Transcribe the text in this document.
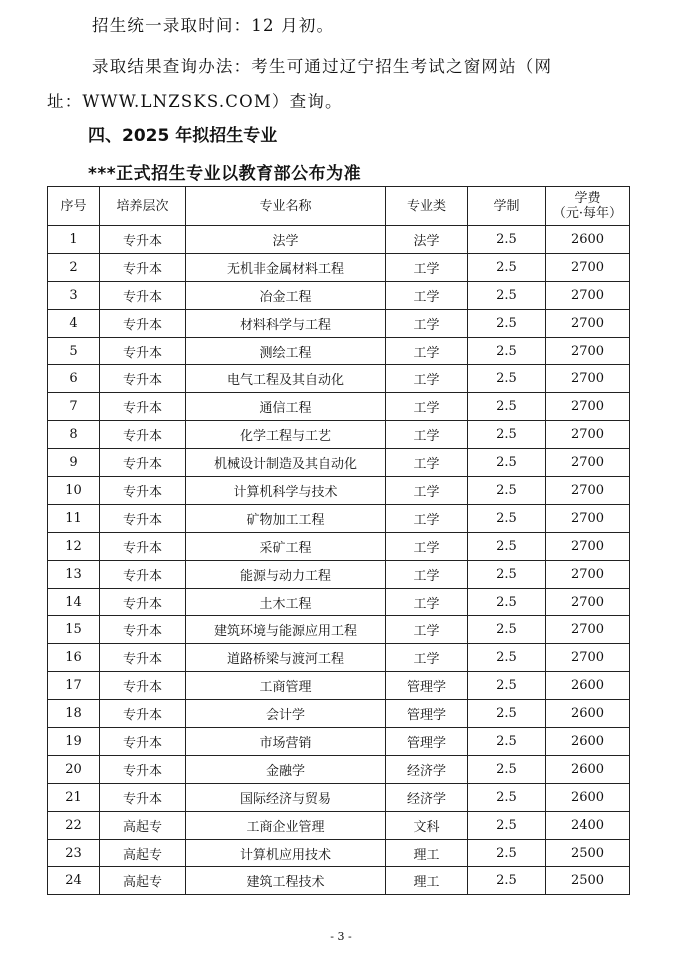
招生统一录取时间：12 月初。
录取结果查询办法：考生可通过辽宁招生考试之窗网站（网
址：WWW.LNZSKS.COM）查询。
四、2025 年拟招生专业
***正式招生专业以教育部公布为准
序号	培养层次	专业名称	专业类	学制	学费
（元·每年）

1	专升本	法学	法学	2.5	2600
2	专升本	无机非金属材料工程	工学	2.5	2700
3	专升本	冶金工程	工学	2.5	2700
4	专升本	材料科学与工程	工学	2.5	2700
5	专升本	测绘工程	工学	2.5	2700
6	专升本	电气工程及其自动化	工学	2.5	2700
7	专升本	通信工程	工学	2.5	2700
8	专升本	化学工程与工艺	工学	2.5	2700
9	专升本	机械设计制造及其自动化	工学	2.5	2700
10	专升本	计算机科学与技术	工学	2.5	2700
11	专升本	矿物加工工程	工学	2.5	2700
12	专升本	采矿工程	工学	2.5	2700
13	专升本	能源与动力工程	工学	2.5	2700
14	专升本	土木工程	工学	2.5	2700
15	专升本	建筑环境与能源应用工程	工学	2.5	2700
16	专升本	道路桥梁与渡河工程	工学	2.5	2700
17	专升本	工商管理	管理学	2.5	2600
18	专升本	会计学	管理学	2.5	2600
19	专升本	市场营销	管理学	2.5	2600
20	专升本	金融学	经济学	2.5	2600
21	专升本	国际经济与贸易	经济学	2.5	2600
22	高起专	工商企业管理	文科	2.5	2400
23	高起专	计算机应用技术	理工	2.5	2500
24	高起专	建筑工程技术	理工	2.5	2500
- 3 -
